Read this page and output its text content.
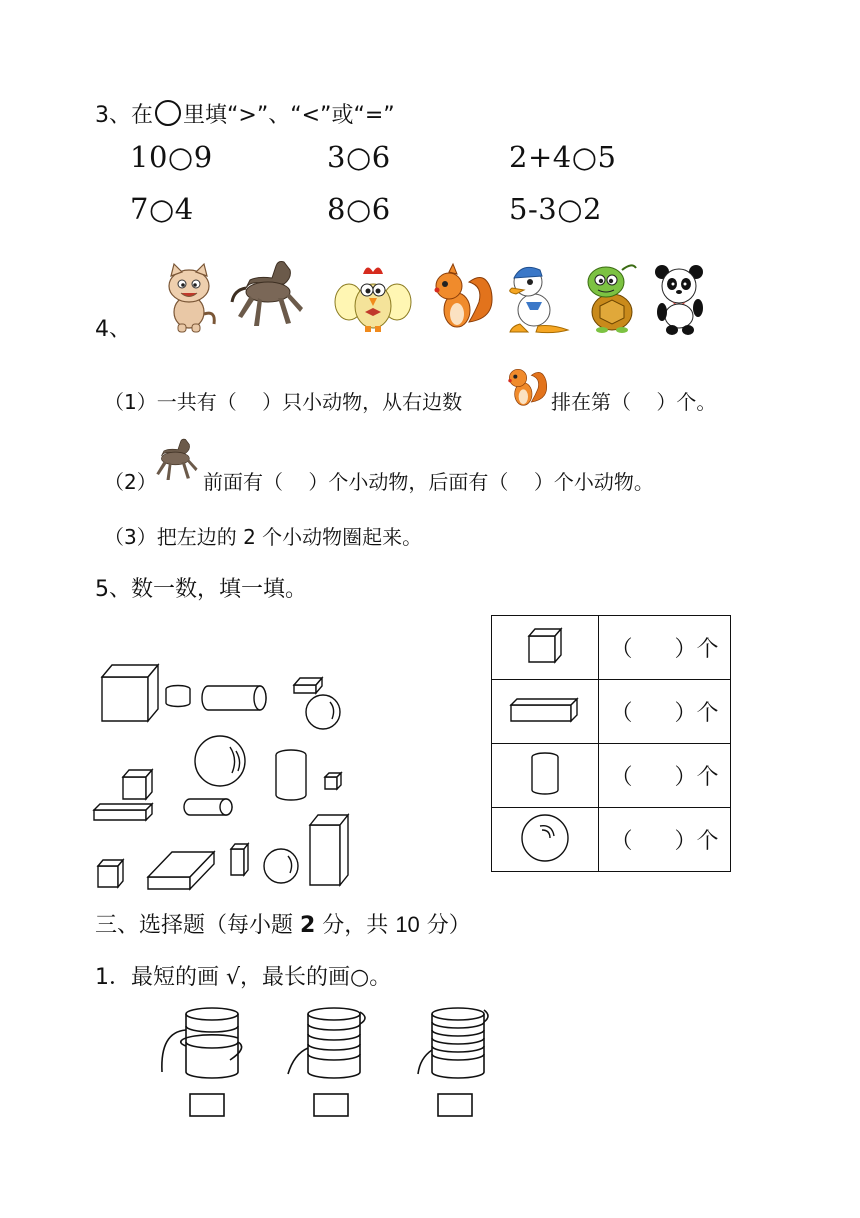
3、在 里填“>”、“<”或“=”
10○9	3○6	2+4○5
7○4	8○6	5-3○2
4、
（1）一共有（    ）只小动物，从右边数	排在第（    ）个。
（2） 前面有（    ）个小动物，后面有（    ）个小动物。
（3）把左边的 2 个小动物圈起来。
5、数一数，填一填。
	（      ）个
	（      ）个
	（      ）个
	（      ）个
三、选择题（每小题 2 分，共 10 分）
1．最短的画 √，最长的画○。
